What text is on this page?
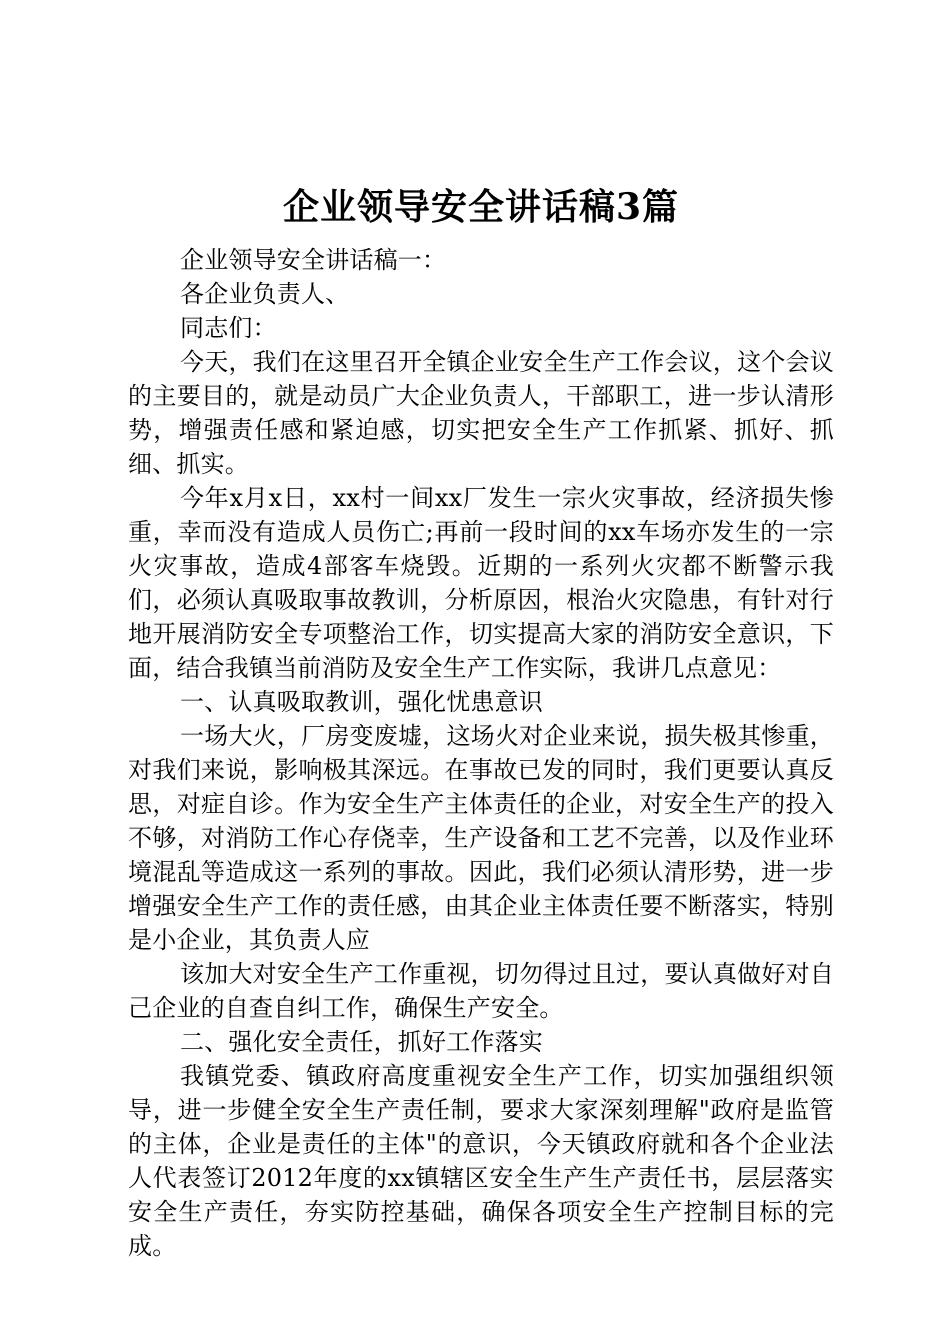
企业领导安全讲话稿3篇

企业领导安全讲话稿一：

各企业负责人、

同志们：

今天，我们在这里召开全镇企业安全生产工作会议，这个会议的主要目的，就是动员广大企业负责人，干部职工，进一步认清形势，增强责任感和紧迫感，切实把安全生产工作抓紧、抓好、抓细、抓实。

今年x月x日，xx村一间xx厂发生一宗火灾事故，经济损失惨重，幸而没有造成人员伤亡;再前一段时间的xx车场亦发生的一宗火灾事故，造成4部客车烧毁。近期的一系列火灾都不断警示我们，必须认真吸取事故教训，分析原因，根治火灾隐患，有针对行地开展消防安全专项整治工作，切实提高大家的消防安全意识，下面，结合我镇当前消防及安全生产工作实际，我讲几点意见：

一、认真吸取教训，强化忧患意识

一场大火，厂房变废墟，这场火对企业来说，损失极其惨重，对我们来说，影响极其深远。在事故已发的同时，我们更要认真反思，对症自诊。作为安全生产主体责任的企业，对安全生产的投入不够，对消防工作心存侥幸，生产设备和工艺不完善，以及作业环境混乱等造成这一系列的事故。因此，我们必须认清形势，进一步增强安全生产工作的责任感，由其企业主体责任要不断落实，特别是小企业，其负责人应

该加大对安全生产工作重视，切勿得过且过，要认真做好对自己企业的自查自纠工作，确保生产安全。

二、强化安全责任，抓好工作落实

我镇党委、镇政府高度重视安全生产工作，切实加强组织领导，进一步健全安全生产责任制，要求大家深刻理解"政府是监管的主体，企业是责任的主体"的意识，今天镇政府就和各个企业法人代表签订2012年度的xx镇辖区安全生产生产责任书，层层落实安全生产责任，夯实防控基础，确保各项安全生产控制目标的完成。
